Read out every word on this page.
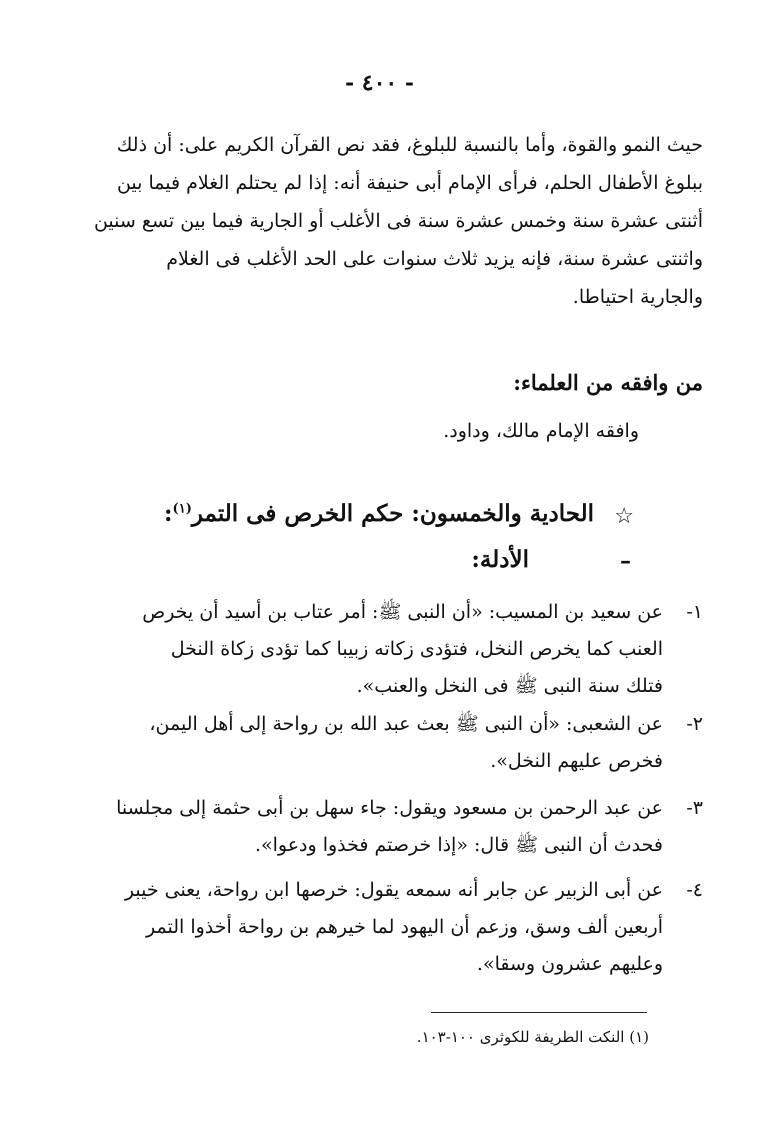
- ٤٠٠ -
حيث النمو والقوة، وأما بالنسبة للبلوغ، فقد نص القرآن الكريم على: أن ذلك
ببلوغ الأطفال الحلم، فرأى الإمام أبى حنيفة أنه: إذا لم يحتلم الغلام فيما بين
أثنتى عشرة سنة وخمس عشرة سنة فى الأغلب أو الجارية فيما بين تسع سنين
واثنتى عشرة سنة، فإنه يزيد ثلاث سنوات على الحد الأغلب فى الغلام
والجارية احتياطا.
من وافقه من العلماء:
وافقه الإمام مالك، وداود.
☆
الحادية والخمسون: حكم الخرص فى التمر$^{(١)}$:
–
الأدلة:
١-
عن سعيد بن المسيب: «أن النبى ﷺ: أمر عتاب بن أسيد أن يخرص
العنب كما يخرص النخل، فتؤدى زكاته زبيبا كما تؤدى زكاة النخل
فتلك سنة النبى ﷺ فى النخل والعنب».
٢-
عن الشعبى: «أن النبى ﷺ بعث عبد الله بن رواحة إلى أهل اليمن،
فخرص عليهم النخل».
٣-
عن عبد الرحمن بن مسعود ويقول: جاء سهل بن أبى حثمة إلى مجلسنا
فحدث أن النبى ﷺ قال: «إذا خرصتم فخذوا ودعوا».
٤-
عن أبى الزبير عن جابر أنه سمعه يقول: خرصها ابن رواحة، يعنى خيبر
أربعين ألف وسق، وزعم أن اليهود لما خيرهم بن رواحة أخذوا التمر
وعليهم عشرون وسقا».
(١) النكت الطريفة للكوثرى ١٠٠-١٠٣.
